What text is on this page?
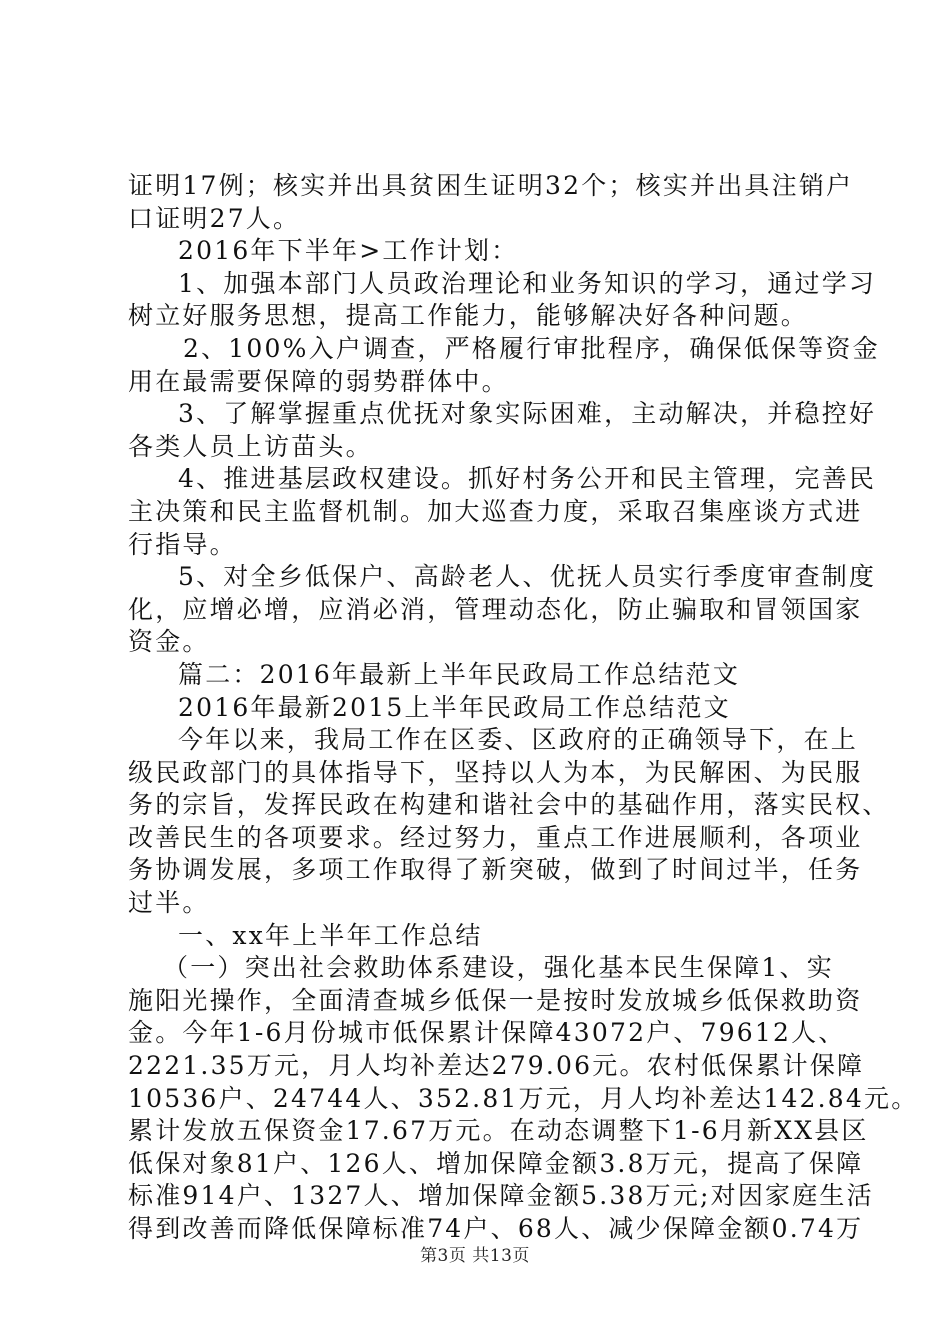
证明17例；核实并出具贫困生证明32个；核实并出具注销户
口证明27人。
2016年下半年>工作计划：
1、加强本部门人员政治理论和业务知识的学习，通过学习
树立好服务思想，提高工作能力，能够解决好各种问题。
2、100%入户调查，严格履行审批程序，确保低保等资金
用在最需要保障的弱势群体中。
3、了解掌握重点优抚对象实际困难，主动解决，并稳控好
各类人员上访苗头。
4、推进基层政权建设。抓好村务公开和民主管理，完善民
主决策和民主监督机制。加大巡查力度，采取召集座谈方式进
行指导。
5、对全乡低保户、高龄老人、优抚人员实行季度审查制度
化，应增必增，应消必消，管理动态化，防止骗取和冒领国家
资金。
篇二：2016年最新上半年民政局工作总结范文
2016年最新2015上半年民政局工作总结范文
今年以来，我局工作在区委、区政府的正确领导下，在上
级民政部门的具体指导下，坚持以人为本，为民解困、为民服
务的宗旨，发挥民政在构建和谐社会中的基础作用，落实民权、
改善民生的各项要求。经过努力，重点工作进展顺利，各项业
务协调发展，多项工作取得了新突破，做到了时间过半，任务
过半。
一、xx年上半年工作总结
（一）突出社会救助体系建设，强化基本民生保障1、实
施阳光操作，全面清查城乡低保一是按时发放城乡低保救助资
金。今年1-6月份城市低保累计保障43072户、79612人、
2221.35万元，月人均补差达279.06元。农村低保累计保障
10536户、24744人、352.81万元，月人均补差达142.84元。
累计发放五保资金17.67万元。在动态调整下1-6月新XX县区
低保对象81户、126人、增加保障金额3.8万元，提高了保障
标准914户、1327人、增加保障金额5.38万元;对因家庭生活
得到改善而降低保障标准74户、68人、减少保障金额0.74万
第3页 共13页
